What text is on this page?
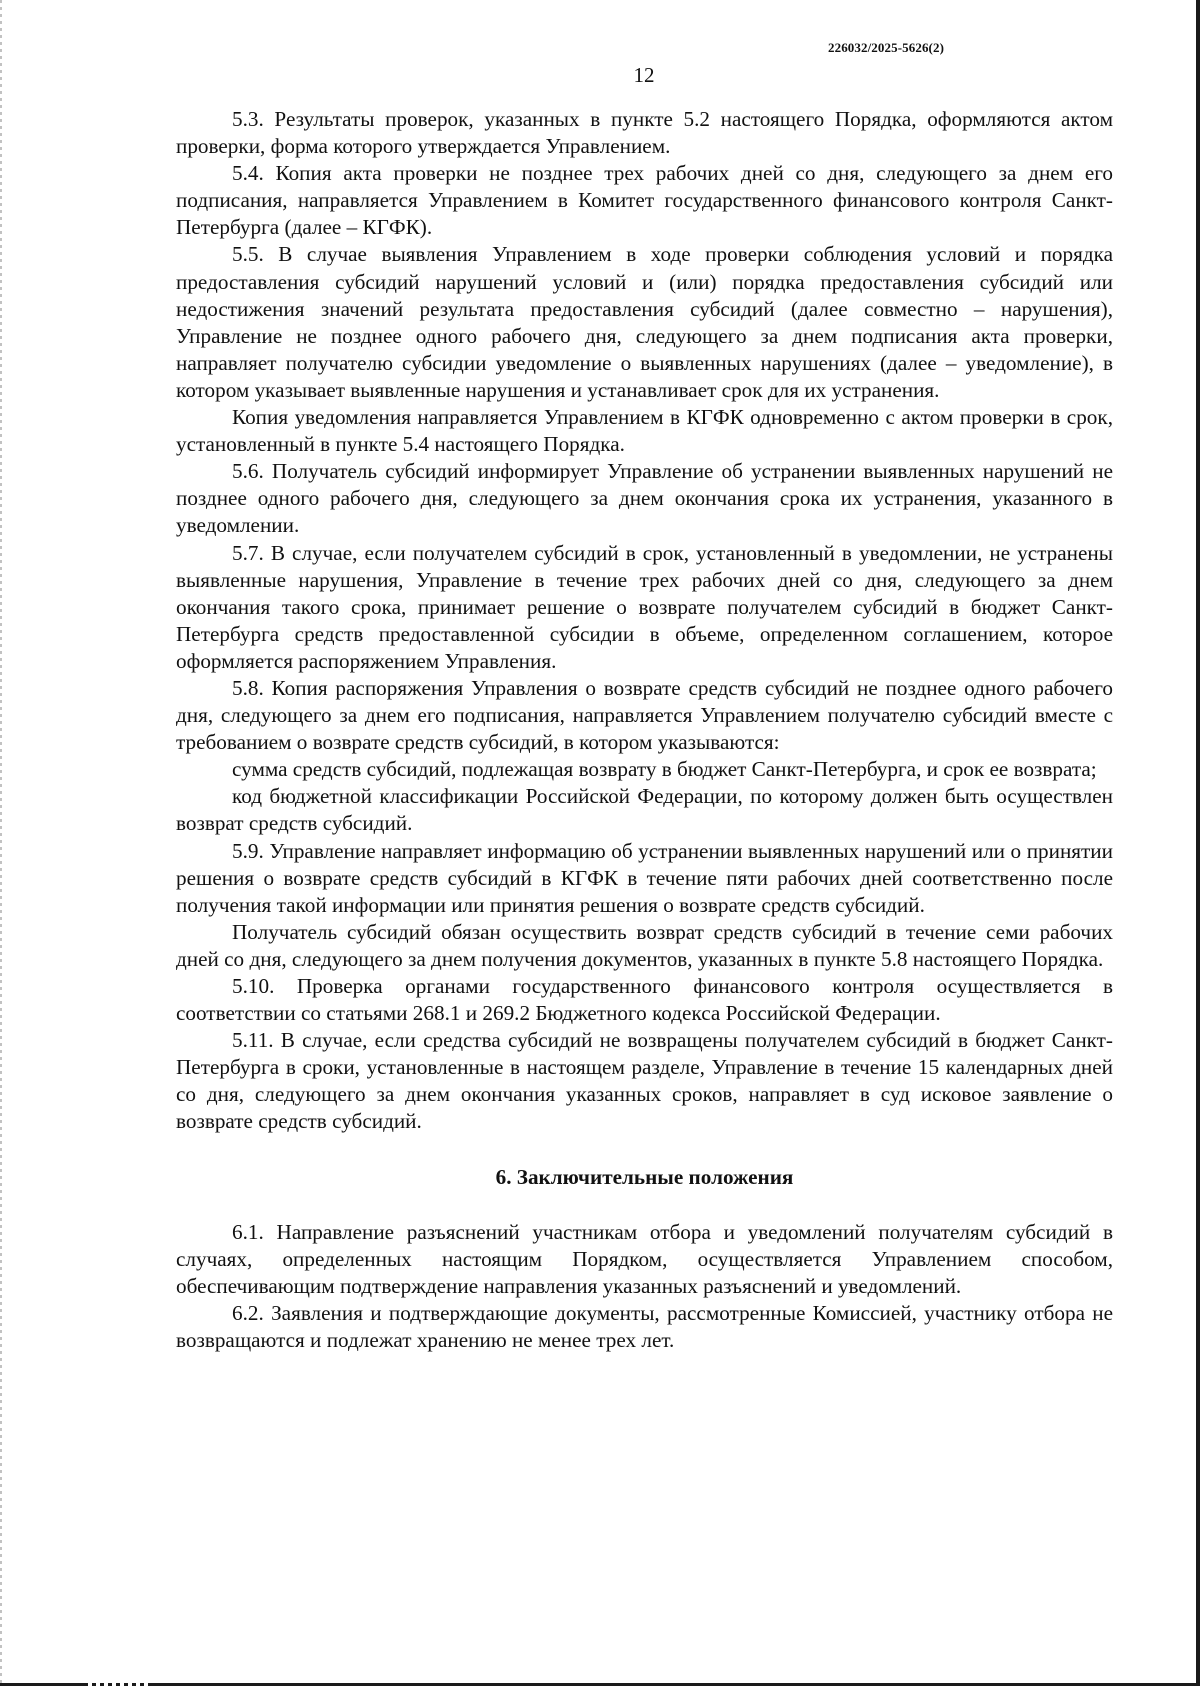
226032/2025-5626(2)
12

5.3. Результаты проверок, указанных в пункте 5.2 настоящего Порядка, оформляются актом проверки, форма которого утверждается Управлением.

5.4. Копия акта проверки не позднее трех рабочих дней со дня, следующего за днем его подписания, направляется Управлением в Комитет государственного финансового контроля Санкт-Петербурга (далее – КГФК).

5.5. В случае выявления Управлением в ходе проверки соблюдения условий и порядка предоставления субсидий нарушений условий и (или) порядка предоставления субсидий или недостижения значений результата предоставления субсидий (далее совместно – нарушения), Управление не позднее одного рабочего дня, следующего за днем подписания акта проверки, направляет получателю субсидии уведомление о выявленных нарушениях (далее – уведомление), в котором указывает выявленные нарушения и устанавливает срок для их устранения.

Копия уведомления направляется Управлением в КГФК одновременно с актом проверки в срок, установленный в пункте 5.4 настоящего Порядка.

5.6. Получатель субсидий информирует Управление об устранении выявленных нарушений не позднее одного рабочего дня, следующего за днем окончания срока их устранения, указанного в уведомлении.

5.7. В случае, если получателем субсидий в срок, установленный в уведомлении, не устранены выявленные нарушения, Управление в течение трех рабочих дней со дня, следующего за днем окончания такого срока, принимает решение о возврате получателем субсидий в бюджет Санкт-Петербурга средств предоставленной субсидии в объеме, определенном соглашением, которое оформляется распоряжением Управления.

5.8. Копия распоряжения Управления о возврате средств субсидий не позднее одного рабочего дня, следующего за днем его подписания, направляется Управлением получателю субсидий вместе с требованием о возврате средств субсидий, в котором указываются:

сумма средств субсидий, подлежащая возврату в бюджет Санкт-Петербурга, и срок ее возврата;

код бюджетной классификации Российской Федерации, по которому должен быть осуществлен возврат средств субсидий.

5.9. Управление направляет информацию об устранении выявленных нарушений или о принятии решения о возврате средств субсидий в КГФК в течение пяти рабочих дней соответственно после получения такой информации или принятия решения о возврате средств субсидий.

Получатель субсидий обязан осуществить возврат средств субсидий в течение семи рабочих дней со дня, следующего за днем получения документов, указанных в пункте 5.8 настоящего Порядка.

5.10. Проверка органами государственного финансового контроля осуществляется в соответствии со статьями 268.1 и 269.2 Бюджетного кодекса Российской Федерации.

5.11. В случае, если средства субсидий не возвращены получателем субсидий в бюджет Санкт-Петербурга в сроки, установленные в настоящем разделе, Управление в течение 15 календарных дней со дня, следующего за днем окончания указанных сроков, направляет в суд исковое заявление о возврате средств субсидий.

6. Заключительные положения

6.1. Направление разъяснений участникам отбора и уведомлений получателям субсидий в случаях, определенных настоящим Порядком, осуществляется Управлением способом, обеспечивающим подтверждение направления указанных разъяснений и уведомлений.

6.2. Заявления и подтверждающие документы, рассмотренные Комиссией, участнику отбора не возвращаются и подлежат хранению не менее трех лет.
